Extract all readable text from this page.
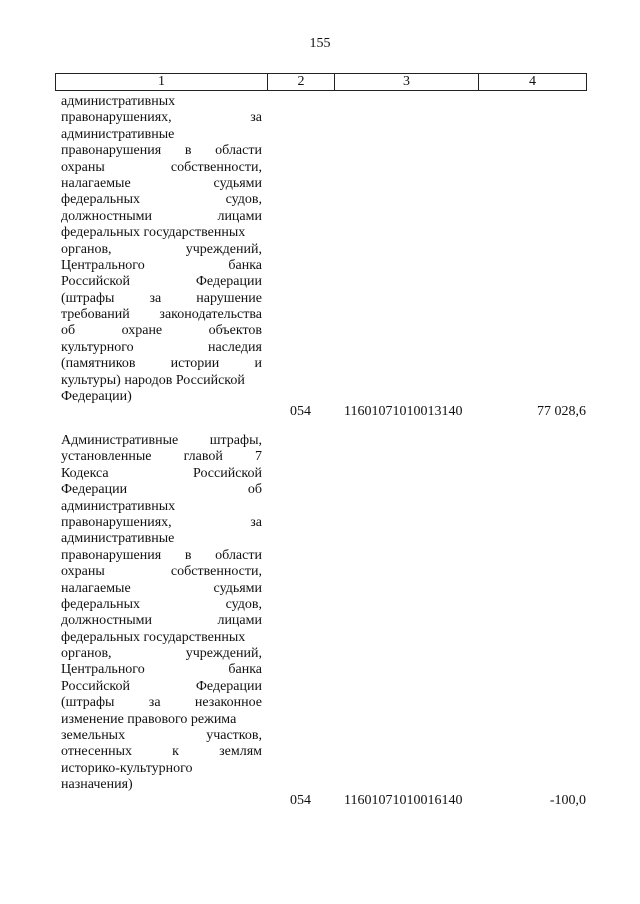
155
1	2	3	4
административных
правонарушениях,	за
административные
правонарушения в области
охраны	собственности,
налагаемые	судьями
федеральных	судов,
должностными	лицами
федеральных государственных
органов,	учреждений,
Центрального	банка
Российской	Федерации
(штрафы	за	нарушение
требований законодательства
об	охране	объектов
культурного	наследия
(памятников	истории	и
культуры) народов Российской
Федерации)
054	11601071010013140	77 028,6
Административные штрафы,
установленные главой 7
Кодекса	Российской
Федерации	об
административных
правонарушениях,	за
административные
правонарушения в области
охраны	собственности,
налагаемые	судьями
федеральных	судов,
должностными	лицами
федеральных государственных
органов,	учреждений,
Центрального	банка
Российской	Федерации
(штрафы за незаконное
изменение правового режима
земельных	участков,
отнесенных	к	землям
историко-культурного
назначения)
054	11601071010016140	-100,0
